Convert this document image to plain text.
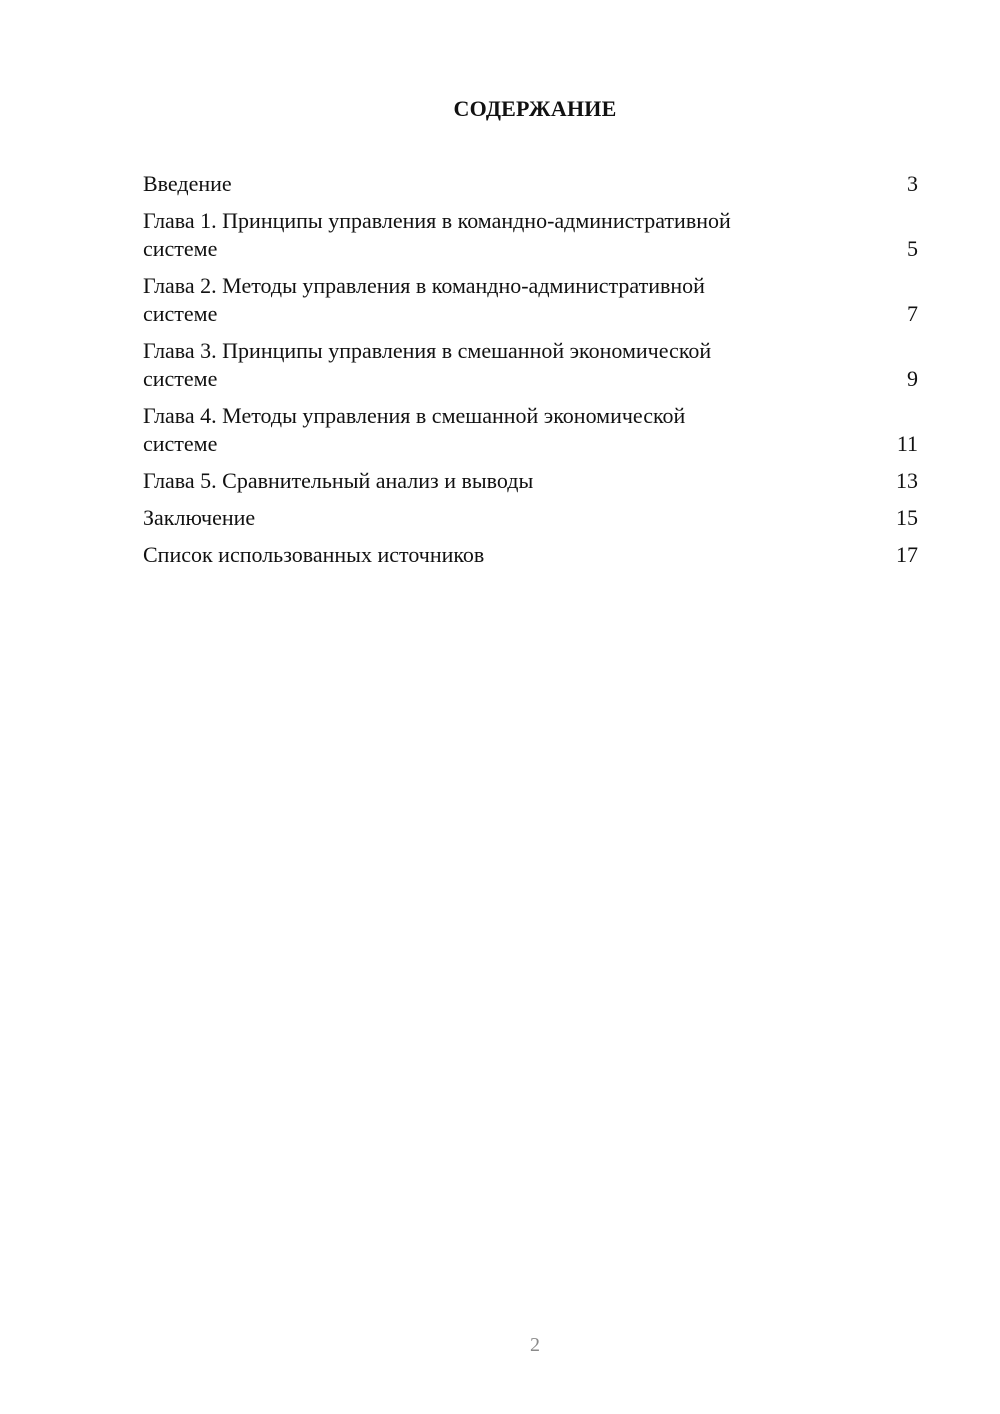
СОДЕРЖАНИЕ
Введение	3
Глава 1. Принципы управления в командно-административной
системе	5
Глава 2. Методы управления в командно-административной
системе	7
Глава 3. Принципы управления в смешанной экономической
системе	9
Глава 4. Методы управления в смешанной экономической
системе	11
Глава 5. Сравнительный анализ и выводы	13
Заключение	15
Список использованных источников	17
2
